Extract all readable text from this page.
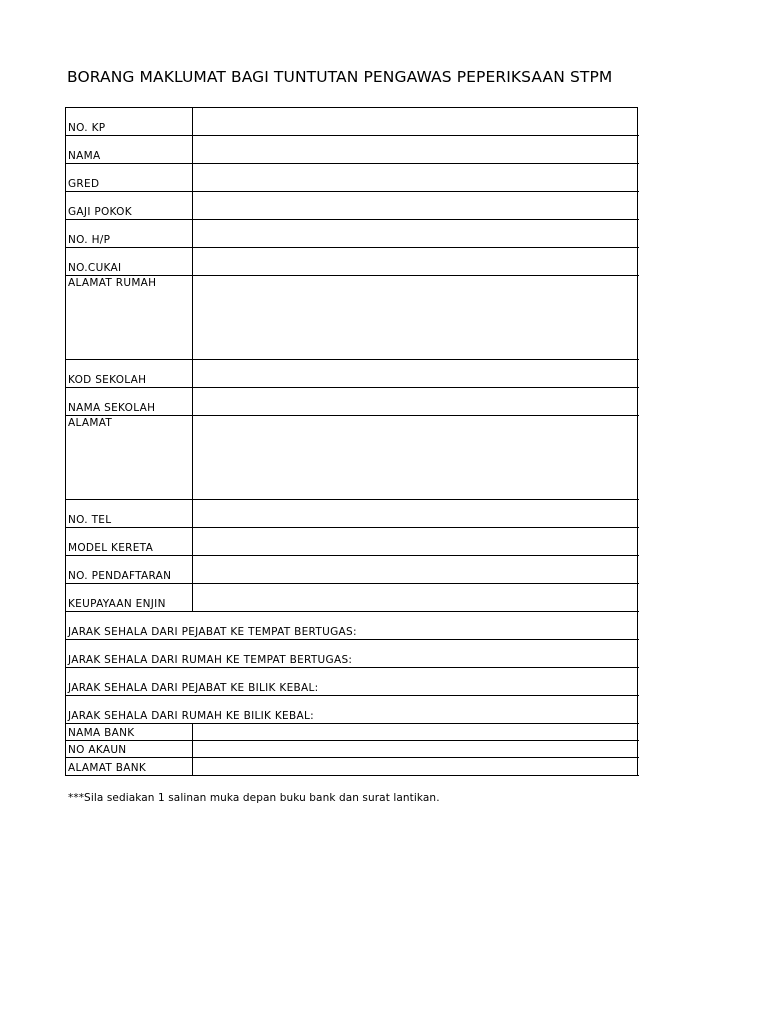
BORANG MAKLUMAT BAGI TUNTUTAN PENGAWAS PEPERIKSAAN STPM
NO. KP
NAMA
GRED
GAJI POKOK
NO. H/P
NO.CUKAI
ALAMAT RUMAH
KOD SEKOLAH
NAMA SEKOLAH
ALAMAT
NO. TEL
MODEL KERETA
NO. PENDAFTARAN
KEUPAYAAN ENJIN
JARAK SEHALA DARI PEJABAT KE TEMPAT BERTUGAS:
JARAK SEHALA DARI RUMAH KE TEMPAT BERTUGAS:
JARAK SEHALA DARI PEJABAT KE BILIK KEBAL:
JARAK SEHALA DARI RUMAH KE BILIK KEBAL:
NAMA BANK
NO AKAUN
ALAMAT BANK
***Sila sediakan 1 salinan muka depan buku bank dan surat lantikan.
